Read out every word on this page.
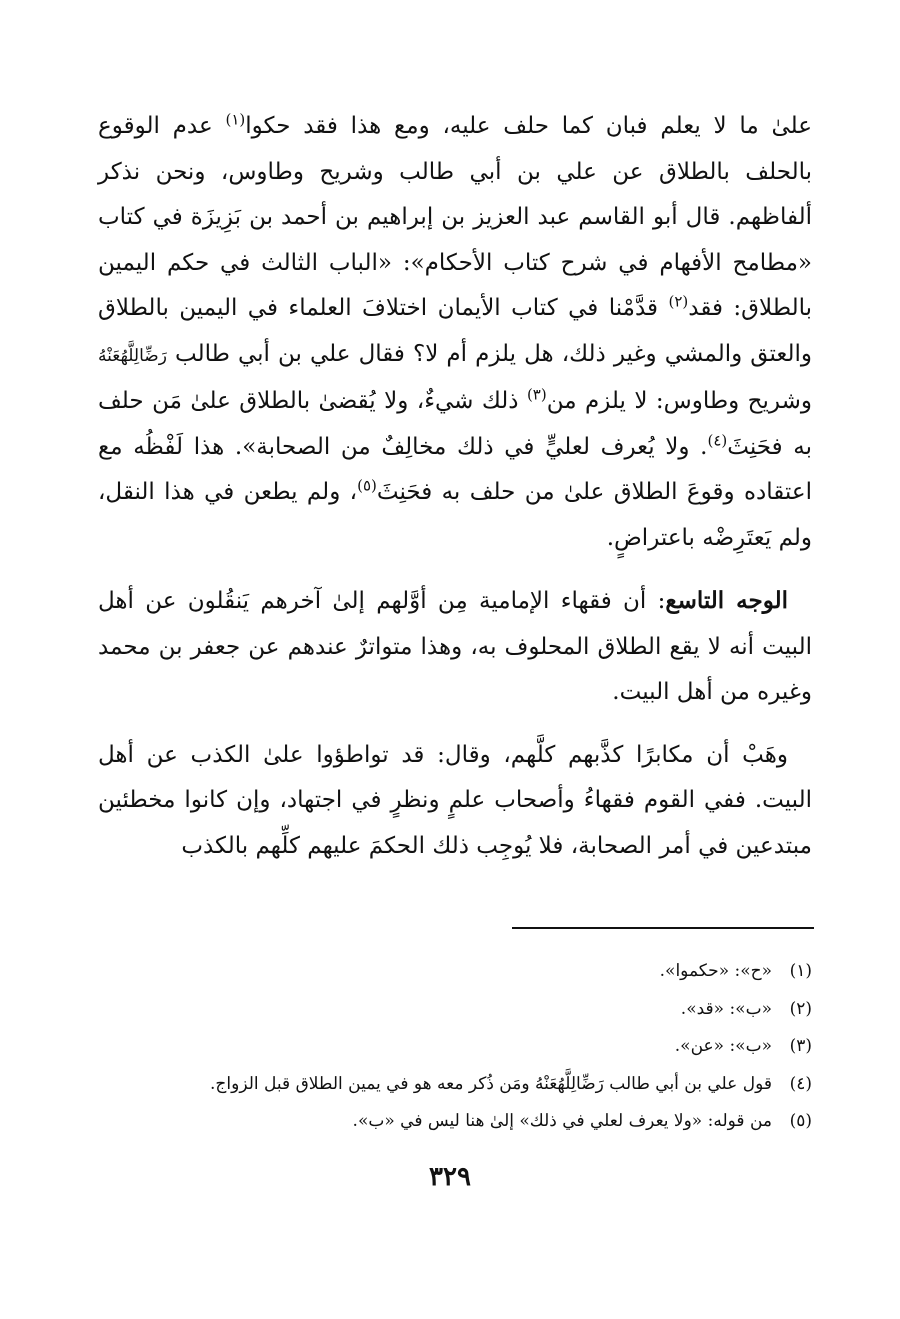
علىٰ ما لا يعلم فبان كما حلف عليه، ومع هذا فقد حكوا$^{(١)}$ عدم الوقوع بالحلف بالطلاق عن علي بن أبي طالب وشريح وطاوس، ونحن نذكر ألفاظهم. قال أبو القاسم عبد العزيز بن إبراهيم بن أحمد بن بَزِيزَة في كتاب «مطامح الأفهام في شرح كتاب الأحكام»: «الباب الثالث في حكم اليمين بالطلاق: فقد$^{(٢)}$ قدَّمْنا في كتاب الأيمان اختلافَ العلماء في اليمين بالطلاق والعتق والمشي وغير ذلك، هل يلزم أم لا؟ فقال علي بن أبي طالب رَضِّالِلَّهُعَنْهُ وشريح وطاوس: لا يلزم من$^{(٣)}$ ذلك شيءٌ، ولا يُقضىٰ بالطلاق علىٰ مَن حلف به فحَنِثَ$^{(٤)}$. ولا يُعرف لعليٍّ في ذلك مخالِفٌ من الصحابة». هذا لَفْظُه مع اعتقاده وقوعَ الطلاق علىٰ من حلف به فحَنِثَ$^{(٥)}$، ولم يطعن في هذا النقل، ولم يَعتَرِضْه باعتراضٍ.

الوجه التاسع: أن فقهاء الإمامية مِن أوَّلهم إلىٰ آخرهم يَنقُلون عن أهل البيت أنه لا يقع الطلاق المحلوف به، وهذا متواترٌ عندهم عن جعفر بن محمد وغيره من أهل البيت.

وهَبْ أن مكابرًا كذَّبهم كلَّهم، وقال: قد تواطؤوا علىٰ الكذب عن أهل البيت. ففي القوم فقهاءُ وأصحاب علمٍ ونظرٍ في اجتهاد، وإن كانوا مخطئين مبتدعين في أمر الصحابة، فلا يُوجِب ذلك الحكمَ عليهم كلِّهم بالكذب

(١)
«ح»: «حكموا».
(٢)
«ب»: «قد».
(٣)
«ب»: «عن».
(٤)
قول علي بن أبي طالب رَضِّالِلَّهُعَنْهُ ومَن ذُكر معه هو في يمين الطلاق قبل الزواج.
(٥)
من قوله: «ولا يعرف لعلي في ذلك» إلىٰ هنا ليس في «ب».
٣٢٩
